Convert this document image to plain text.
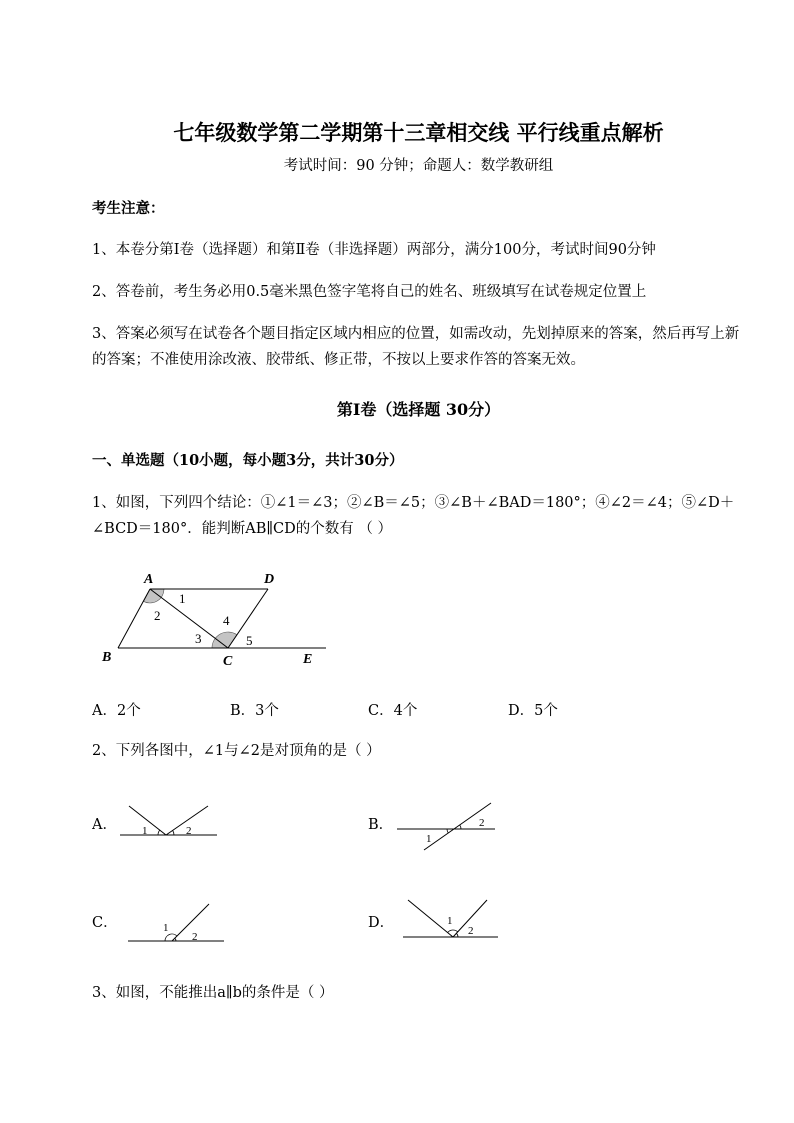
七年级数学第二学期第十三章相交线 平行线重点解析
考试时间：90 分钟；命题人：数学教研组
考生注意：
1、本卷分第Ⅰ卷（选择题）和第Ⅱ卷（非选择题）两部分，满分100分，考试时间90分钟
2、答卷前，考生务必用0.5毫米黑色签字笔将自己的姓名、班级填写在试卷规定位置上
3、答案必须写在试卷各个题目指定区域内相应的位置，如需改动，先划掉原来的答案，然后再写上新
的答案；不准使用涂改液、胶带纸、修正带，不按以上要求作答的答案无效。
第Ⅰ卷（选择题 30分）
一、单选题（10小题，每小题3分，共计30分）
1、如图，下列四个结论：①∠1＝∠3；②∠B＝∠5；③∠B＋∠BAD＝180°；④∠2＝∠4；⑤∠D＋
∠BCD＝180°．能判断AB∥CD的个数有 （ ）
A	D
B	C	E
1
2
3
4
5
A．2个	B．3个	C．4个	D．5个
2、下列各图中，∠1与∠2是对顶角的是（ ）
A．	B．
C．	D．
1	2
1
2
1
2
1
2
3、如图，不能推出a∥b的条件是（ ）
